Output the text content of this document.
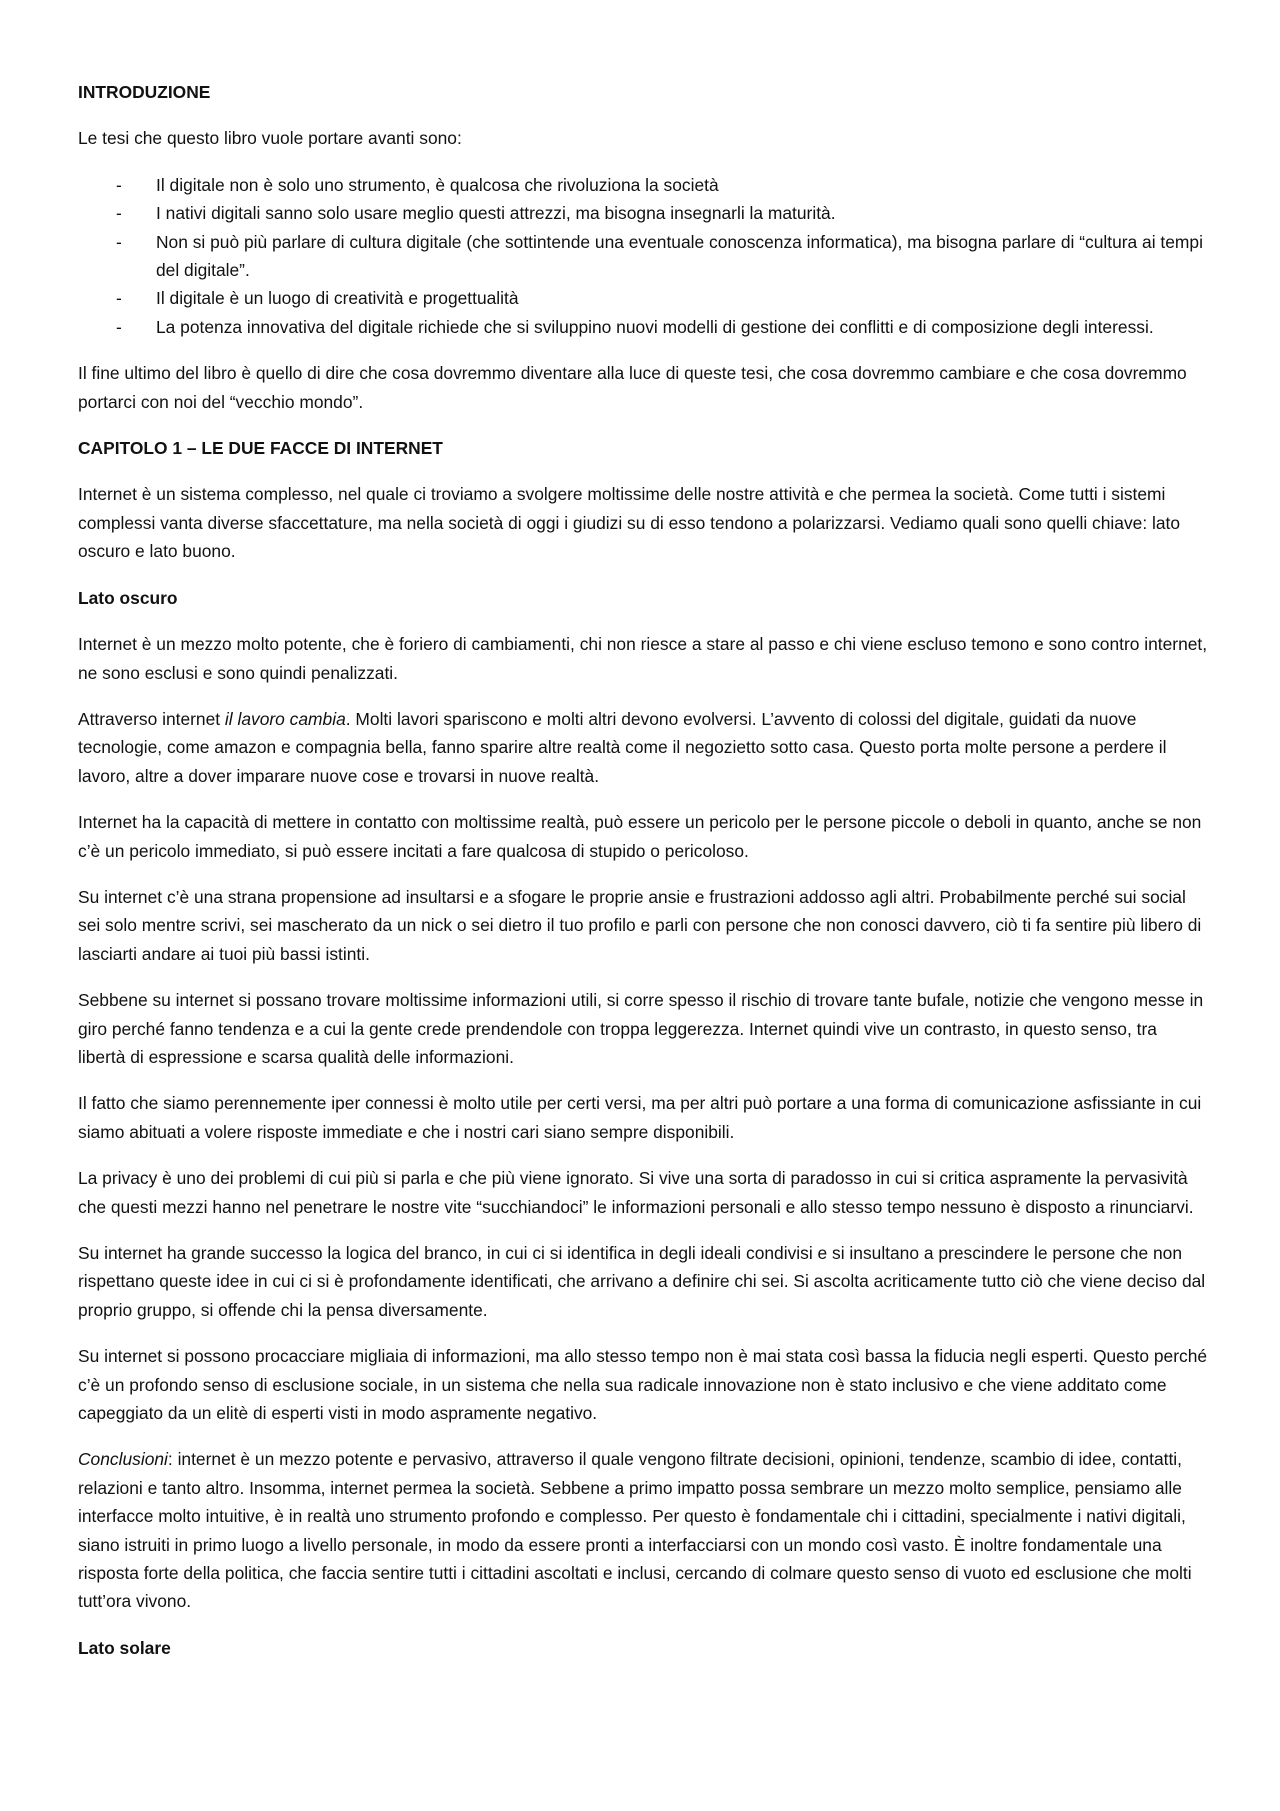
INTRODUZIONE
Le tesi che questo libro vuole portare avanti sono:
- Il digitale non è solo uno strumento, è qualcosa che rivoluziona la società
- I nativi digitali sanno solo usare meglio questi attrezzi, ma bisogna insegnarli la maturità.
- Non si può più parlare di cultura digitale (che sottintende una eventuale conoscenza informatica), ma bisogna parlare di “cultura ai tempi del digitale”.
- Il digitale è un luogo di creatività e progettualità
- La potenza innovativa del digitale richiede che si sviluppino nuovi modelli di gestione dei conflitti e di composizione degli interessi.
Il fine ultimo del libro è quello di dire che cosa dovremmo diventare alla luce di queste tesi, che cosa dovremmo cambiare e che cosa dovremmo portarci con noi del “vecchio mondo”.
CAPITOLO 1 – LE DUE FACCE DI INTERNET
Internet è un sistema complesso, nel quale ci troviamo a svolgere moltissime delle nostre attività e che permea la società. Come tutti i sistemi complessi vanta diverse sfaccettature, ma nella società di oggi i giudizi su di esso tendono a polarizzarsi. Vediamo quali sono quelli chiave: lato oscuro e lato buono.
Lato oscuro
Internet è un mezzo molto potente, che è foriero di cambiamenti, chi non riesce a stare al passo e chi viene escluso temono e sono contro internet, ne sono esclusi e sono quindi penalizzati.
Attraverso internet il lavoro cambia. Molti lavori spariscono e molti altri devono evolversi. L’avvento di colossi del digitale, guidati da nuove tecnologie, come amazon e compagnia bella, fanno sparire altre realtà come il negozietto sotto casa. Questo porta molte persone a perdere il lavoro, altre a dover imparare nuove cose e trovarsi in nuove realtà.
Internet ha la capacità di mettere in contatto con moltissime realtà, può essere un pericolo per le persone piccole o deboli in quanto, anche se non c’è un pericolo immediato, si può essere incitati a fare qualcosa di stupido o pericoloso.
Su internet c’è una strana propensione ad insultarsi e a sfogare le proprie ansie e frustrazioni addosso agli altri. Probabilmente perché sui social sei solo mentre scrivi, sei mascherato da un nick o sei dietro il tuo profilo e parli con persone che non conosci davvero, ciò ti fa sentire più libero di lasciarti andare ai tuoi più bassi istinti.
Sebbene su internet si possano trovare moltissime informazioni utili, si corre spesso il rischio di trovare tante bufale, notizie che vengono messe in giro perché fanno tendenza e a cui la gente crede prendendole con troppa leggerezza. Internet quindi vive un contrasto, in questo senso, tra libertà di espressione e scarsa qualità delle informazioni.
Il fatto che siamo perennemente iper connessi è molto utile per certi versi, ma per altri può portare a una forma di comunicazione asfissiante in cui siamo abituati a volere risposte immediate e che i nostri cari siano sempre disponibili.
La privacy è uno dei problemi di cui più si parla e che più viene ignorato. Si vive una sorta di paradosso in cui si critica aspramente la pervasività che questi mezzi hanno nel penetrare le nostre vite “succhiandoci” le informazioni personali e allo stesso tempo nessuno è disposto a rinunciarvi.
Su internet ha grande successo la logica del branco, in cui ci si identifica in degli ideali condivisi e si insultano a prescindere le persone che non rispettano queste idee in cui ci si è profondamente identificati, che arrivano a definire chi sei. Si ascolta acriticamente tutto ciò che viene deciso dal proprio gruppo, si offende chi la pensa diversamente.
Su internet si possono procacciare migliaia di informazioni, ma allo stesso tempo non è mai stata così bassa la fiducia negli esperti. Questo perché c’è un profondo senso di esclusione sociale, in un sistema che nella sua radicale innovazione non è stato inclusivo e che viene additato come capeggiato da un elitè di esperti visti in modo aspramente negativo.
Conclusioni: internet è un mezzo potente e pervasivo, attraverso il quale vengono filtrate decisioni, opinioni, tendenze, scambio di idee, contatti, relazioni e tanto altro. Insomma, internet permea la società. Sebbene a primo impatto possa sembrare un mezzo molto semplice, pensiamo alle interfacce molto intuitive, è in realtà uno strumento profondo e complesso. Per questo è fondamentale chi i cittadini, specialmente i nativi digitali, siano istruiti in primo luogo a livello personale, in modo da essere pronti a interfacciarsi con un mondo così vasto. È inoltre fondamentale una risposta forte della politica, che faccia sentire tutti i cittadini ascoltati e inclusi, cercando di colmare questo senso di vuoto ed esclusione che molti tutt’ora vivono.
Lato solare
